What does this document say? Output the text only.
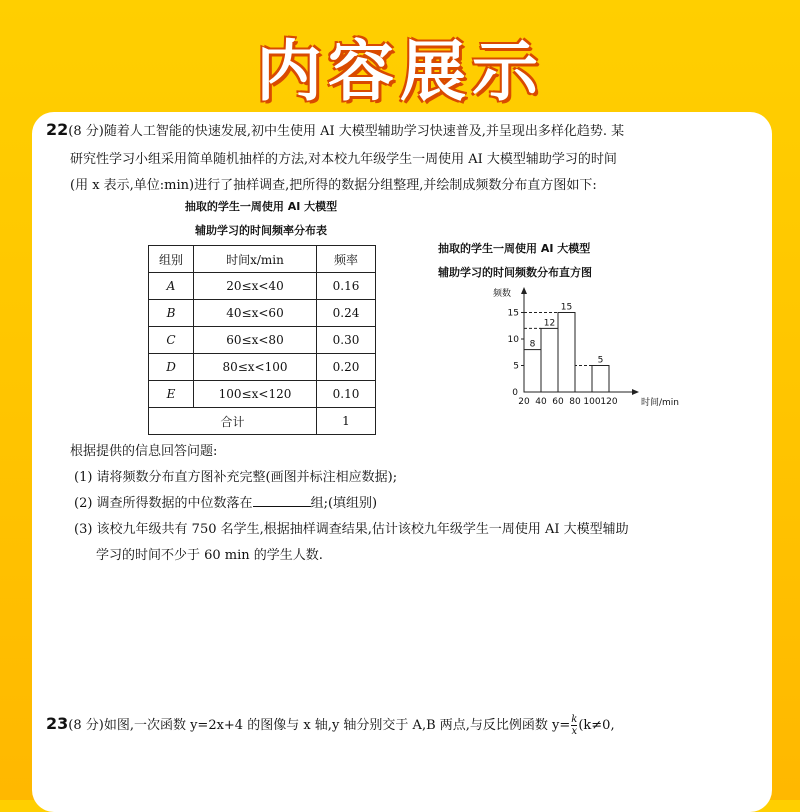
内容展示
22(8 分)随着人工智能的快速发展,初中生使用 AI 大模型辅助学习快速普及,并呈现出多样化趋势. 某
研究性学习小组采用简单随机抽样的方法,对本校九年级学生一周使用 AI 大模型辅助学习的时间
(用 x 表示,单位:min)进行了抽样调查,把所得的数据分组整理,并绘制成频数分布直方图如下:
抽取的学生一周使用 AI 大模型
辅助学习的时间频率分布表
组别	时间x/min	频率
A	20≤x<40	0.16
B	40≤x<60	0.24
C	60≤x<80	0.30
D	80≤x<100	0.20
E	100≤x<120	0.10
合计		1
抽取的学生一周使用 AI 大模型
辅助学习的时间频数分布直方图
8
12
15
5
0
5
10
15
20 40 60 80 100 120
频数
时间/min
根据提供的信息回答问题:
(1) 请将频数分布直方图补充完整(画图并标注相应数据);
(2) 调查所得数据的中位数落在	组;(填组别)
(3) 该校九年级共有 750 名学生,根据抽样调查结果,估计该校九年级学生一周使用 AI 大模型辅助
学习的时间不少于 60 min 的学生人数.
23(8 分)如图,一次函数 y=2x+4 的图像与 x 轴,y 轴分别交于 A,B 两点,与反比例函数 $y= \frac{k}{x} (k\ne 0$,
